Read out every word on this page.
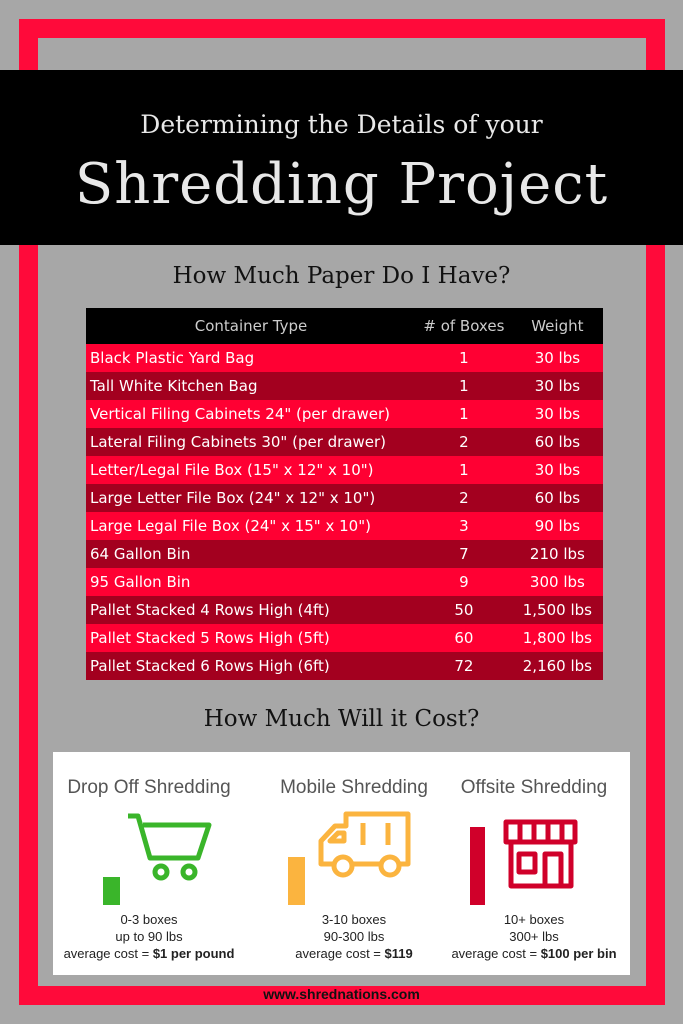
Determining the Details of your
Shredding Project
How Much Paper Do I Have?
Container Type	# of Boxes	Weight
Black Plastic Yard Bag	1	30 lbs
Tall White Kitchen Bag	1	30 lbs
Vertical Filing Cabinets 24" (per drawer)	1	30 lbs
Lateral Filing Cabinets 30" (per drawer)	2	60 lbs
Letter/Legal File Box (15" x 12" x 10")	1	30 lbs
Large Letter File Box (24" x 12" x 10")	2	60 lbs
Large Legal File Box (24" x 15" x 10")	3	90 lbs
64 Gallon Bin	7	210 lbs
95 Gallon Bin	9	300 lbs
Pallet Stacked 4 Rows High (4ft)	50	1,500 lbs
Pallet Stacked 5 Rows High (5ft)	60	1,800 lbs
Pallet Stacked 6 Rows High (6ft)	72	2,160 lbs
How Much Will it Cost?
Drop Off Shredding
0-3 boxes
up to 90 lbs
average cost = $1 per pound
Mobile Shredding
3-10 boxes
90-300 lbs
average cost = $119
Offsite Shredding
10+ boxes
300+ lbs
average cost = $100 per bin
www.shrednations.com
